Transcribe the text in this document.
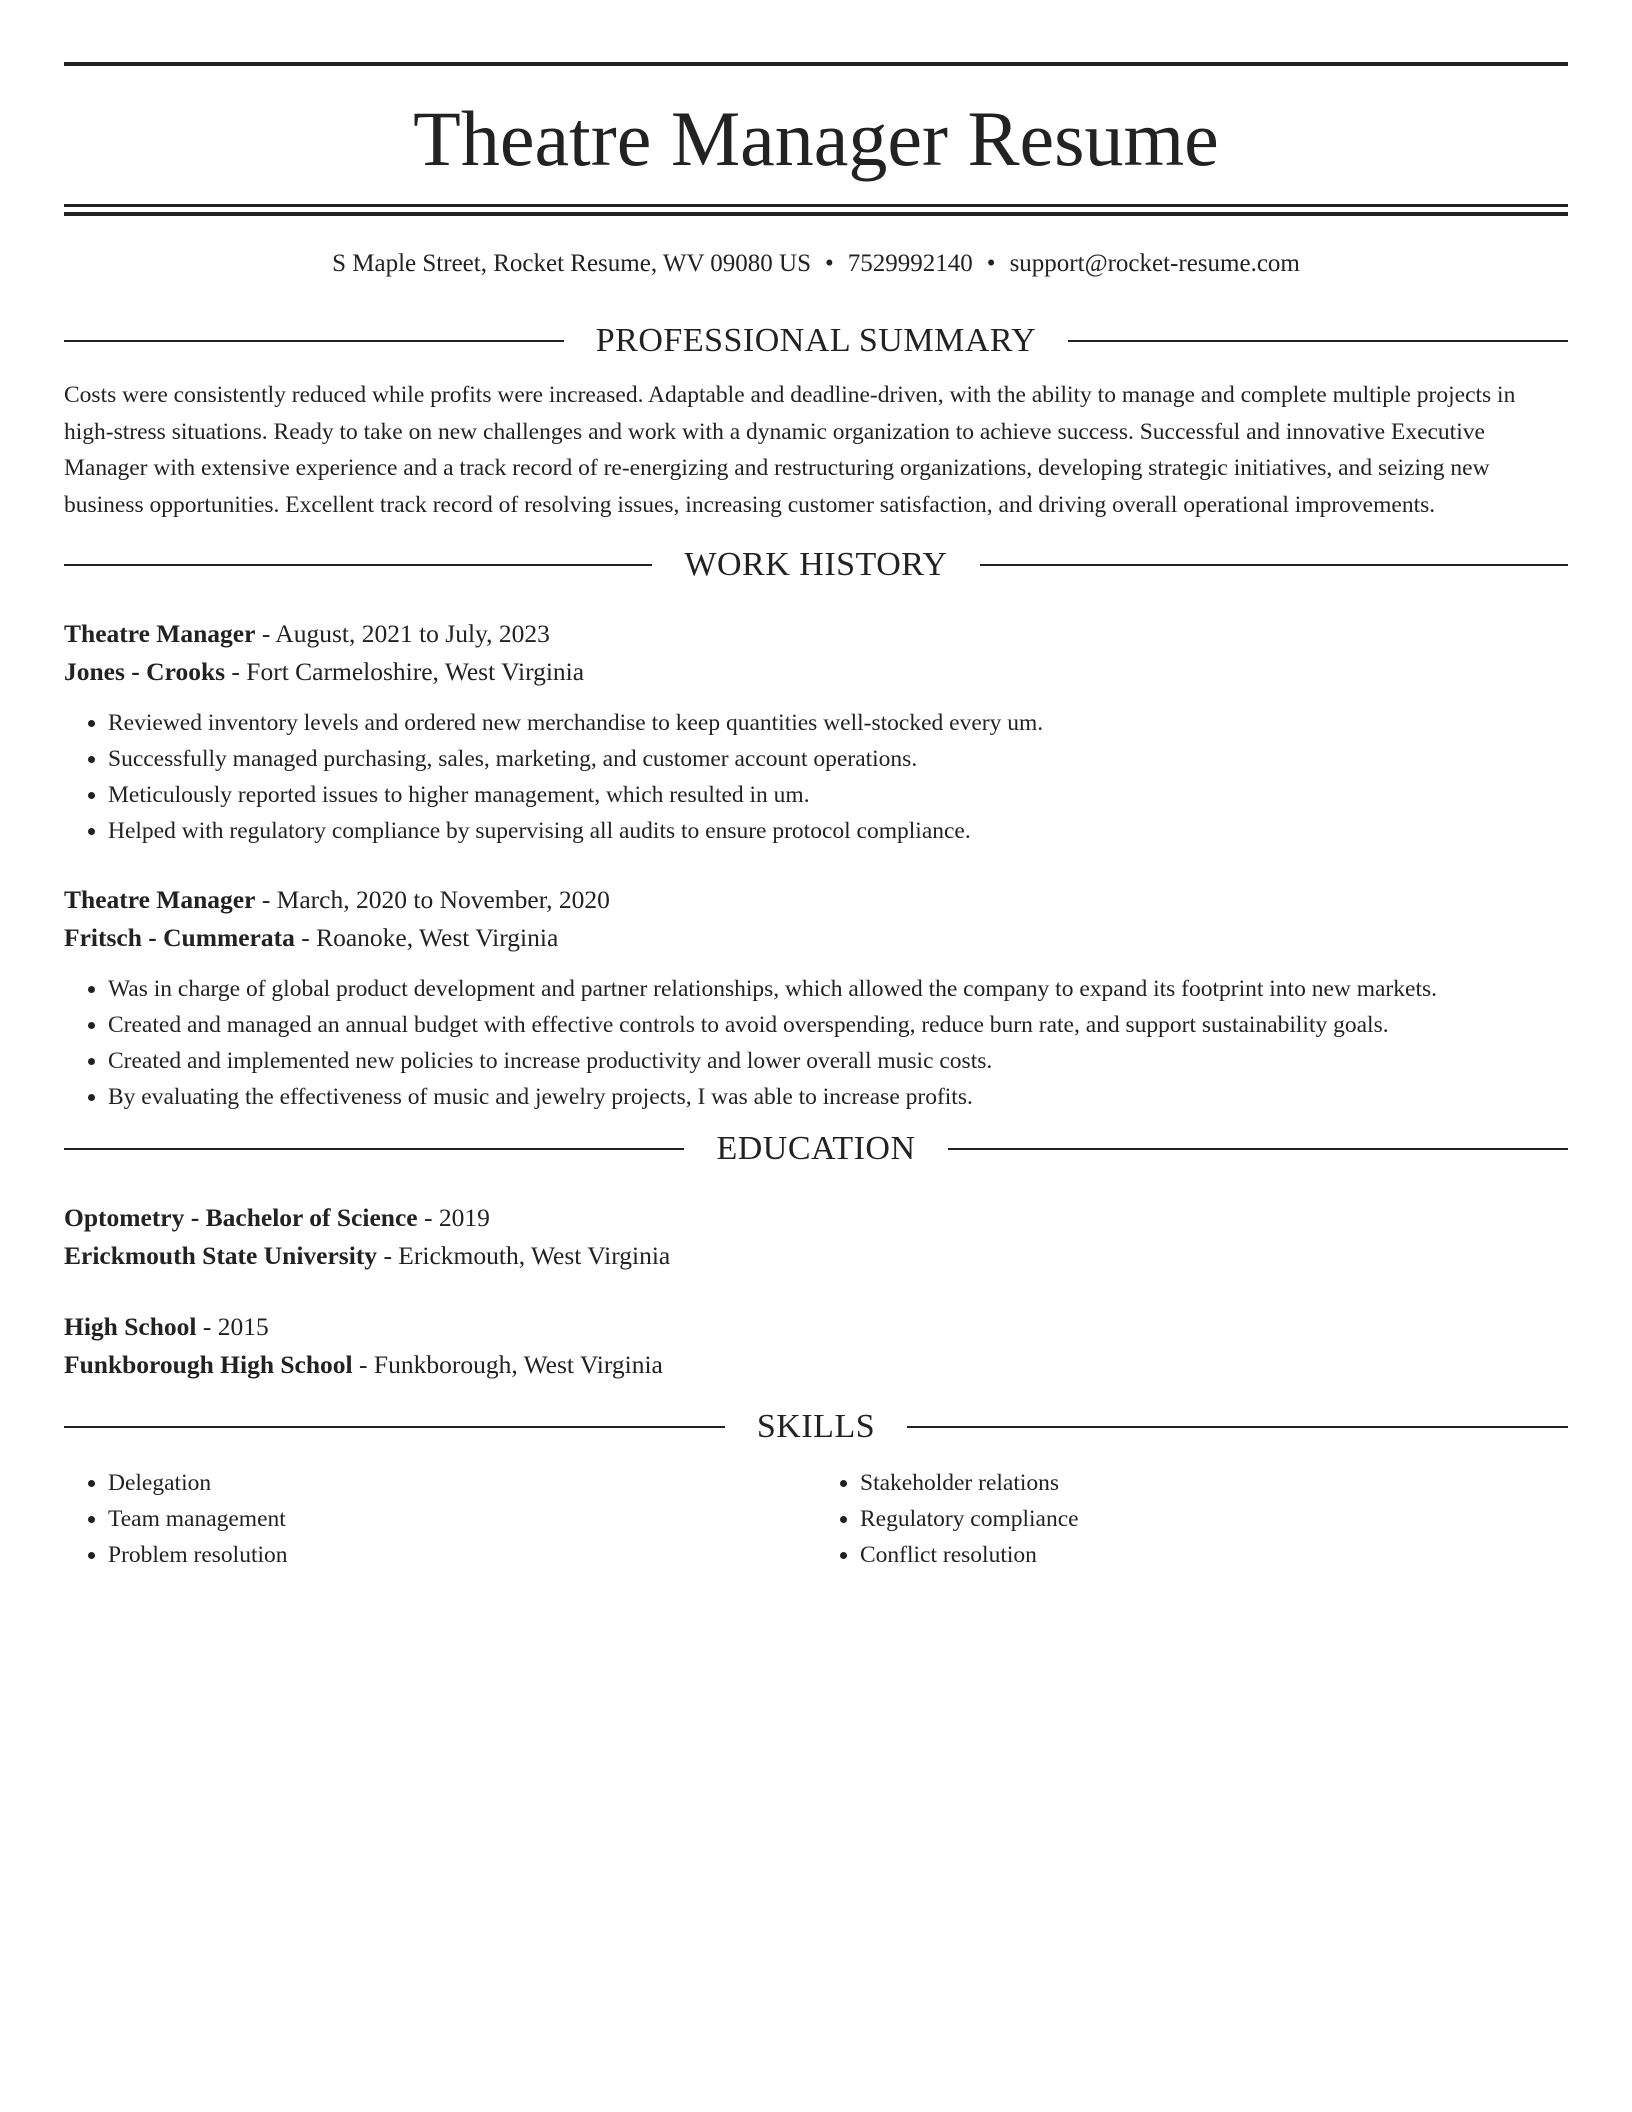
Theatre Manager Resume
S Maple Street, Rocket Resume, WV 09080 US • 7529992140 • support@rocket-resume.com
PROFESSIONAL SUMMARY

Costs were consistently reduced while profits were increased. Adaptable and deadline-driven, with the ability to manage and complete multiple projects in high-stress situations. Ready to take on new challenges and work with a dynamic organization to achieve success. Successful and innovative Executive Manager with extensive experience and a track record of re-energizing and restructuring organizations, developing strategic initiatives, and seizing new business opportunities. Excellent track record of resolving issues, increasing customer satisfaction, and driving overall operational improvements.

WORK HISTORY
Theatre Manager - August, 2021 to July, 2023
Jones - Crooks - Fort Carmeloshire, West Virginia
• Reviewed inventory levels and ordered new merchandise to keep quantities well-stocked every um.
• Successfully managed purchasing, sales, marketing, and customer account operations.
• Meticulously reported issues to higher management, which resulted in um.
• Helped with regulatory compliance by supervising all audits to ensure protocol compliance.
Theatre Manager - March, 2020 to November, 2020
Fritsch - Cummerata - Roanoke, West Virginia
• Was in charge of global product development and partner relationships, which allowed the company to expand its footprint into new markets.
• Created and managed an annual budget with effective controls to avoid overspending, reduce burn rate, and support sustainability goals.
• Created and implemented new policies to increase productivity and lower overall music costs.
• By evaluating the effectiveness of music and jewelry projects, I was able to increase profits.
EDUCATION
Optometry - Bachelor of Science - 2019
Erickmouth State University - Erickmouth, West Virginia
High School - 2015
Funkborough High School - Funkborough, West Virginia
SKILLS
• Delegation
• Team management
• Problem resolution
• Stakeholder relations
• Regulatory compliance
• Conflict resolution
